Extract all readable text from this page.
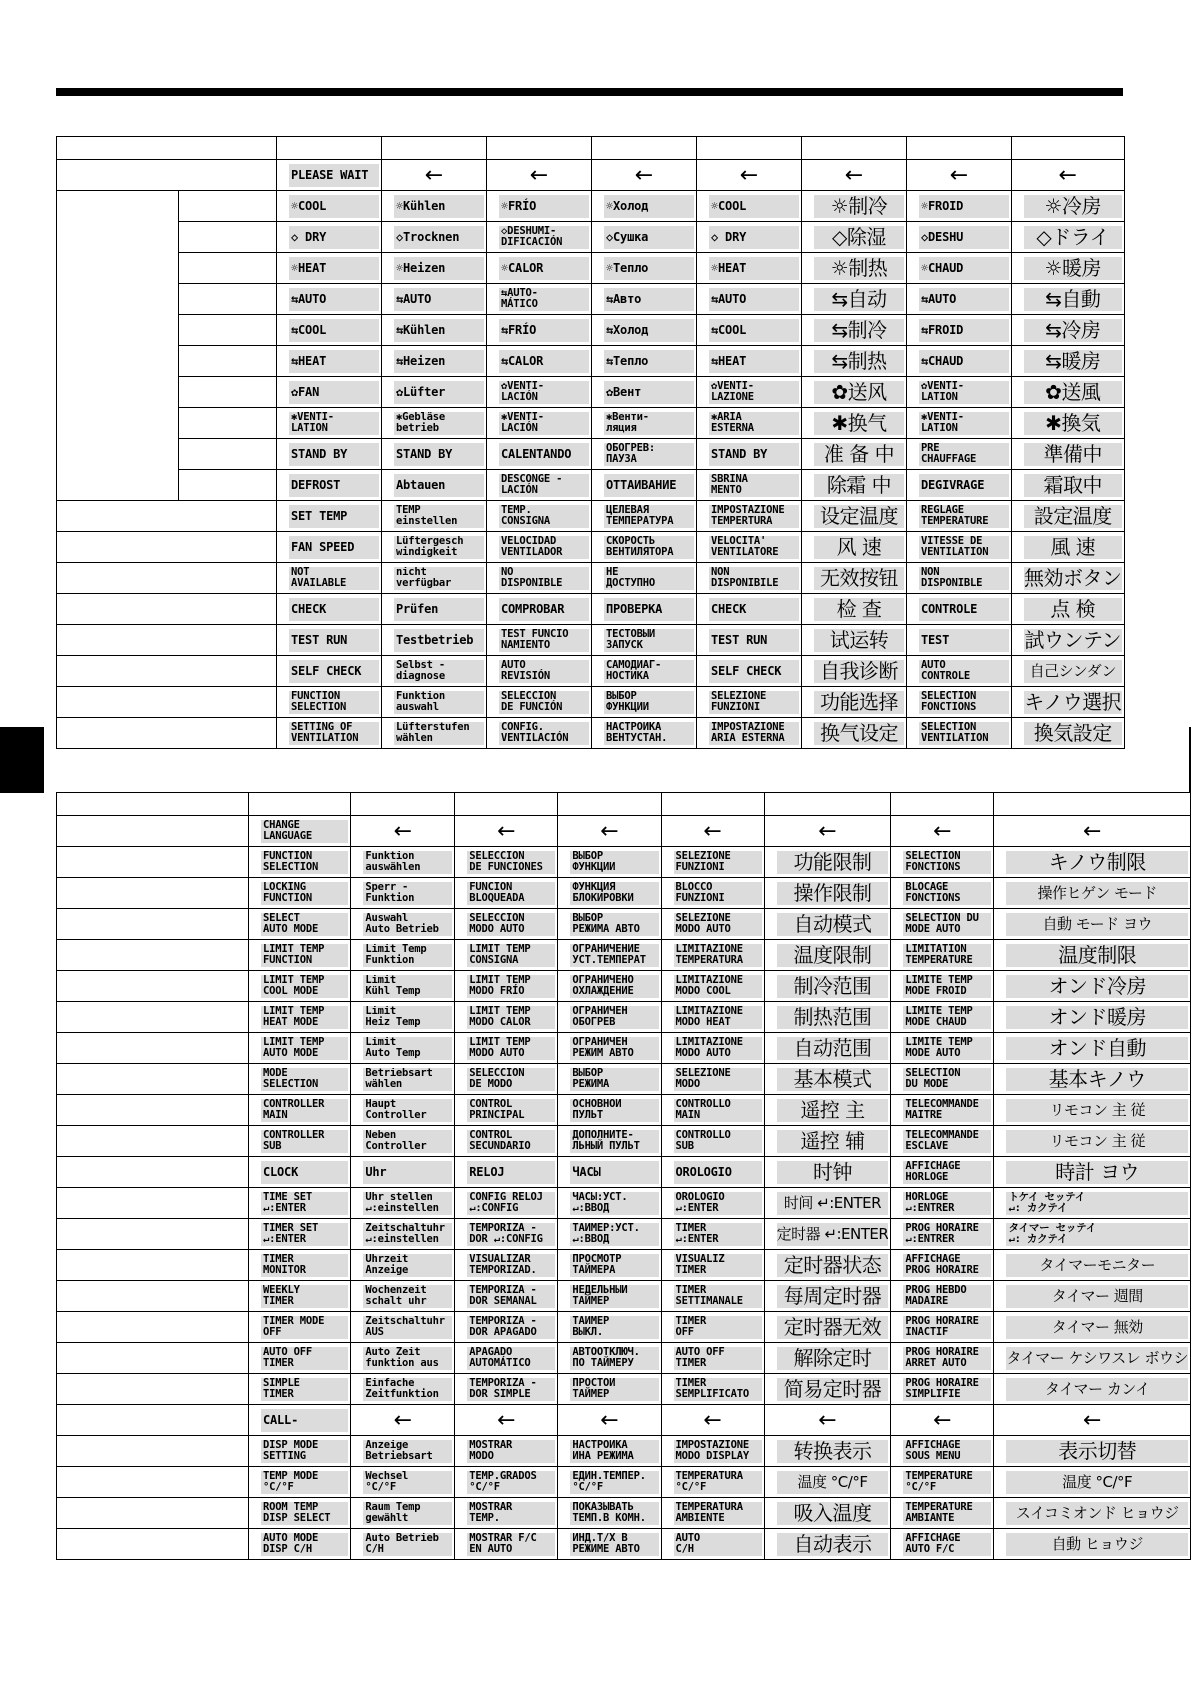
		PLEASE WAIT	←	←	←	←	←	←	←

		☼COOL	☼Kühlen	☼FRÍO	☼Холод	☼COOL	☼制冷	☼FROID	☼冷房

		◇ DRY	◇Trocknen	◇DESHUMI-
DIFICACIÓN	◇Сушка	◇ DRY	◇除湿	◇DESHU	◇ドライ

		☼HEAT	☼Heizen	☼CALOR	☼Тепло	☼HEAT	☼制热	☼CHAUD	☼暖房

		⇆AUTO	⇆AUTO	⇆AUTO-
MÁTICO	⇆Авто	⇆AUTO	⇆自动	⇆AUTO	⇆自動

		⇆COOL	⇆Kühlen	⇆FRÍO	⇆Холод	⇆COOL	⇆制冷	⇆FROID	⇆冷房

		⇆HEAT	⇆Heizen	⇆CALOR	⇆Тепло	⇆HEAT	⇆制热	⇆CHAUD	⇆暖房

		✿FAN	✿Lüfter	✿VENTI-
LACIÓN	✿Вент	✿VENTI-
LAZIONE	✿送风	✿VENTI-
LATION	✿送風

		✱VENTI-
LATION	✱Gebläse
betrieb	✱VENTI-
LACIÓN	✱Венти-
ляция	✱ARIA
ESTERNA	✱换气	✱VENTI-
LATION	✱換気

		STAND BY	STAND BY	CALENTANDO	ОБОГРЕВ:
ПАУЗА	STAND BY	准 备 中	PRE
CHAUFFAGE	準備中

		DEFROST	Abtauen	DESCONGE -
LACIÓN	ОТТАИВАНИЕ	SBRINA
MENTO	除霜 中	DEGIVRAGE	霜取中

		SET TEMP	TEMP
einstellen	TEMP.
CONSIGNA	ЦЕЛЕВАЯ
ТЕМПЕРАТУРА	IMPOSTAZIONE
TEMPERTURA	设定温度	REGLAGE
TEMPERATURE	設定温度

		FAN SPEED	Lüftergesch
windigkeit	VELOCIDAD
VENTILADOR	СКОРОСТЬ
ВЕНТИЛЯТОРА	VELOCITA'
VENTILATORE	风 速	VITESSE DE
VENTILATION	風 速

		NOT
AVAILABLE	nicht
verfügbar	NO
DISPONIBLE	НЕ
ДОСТУПНО	NON
DISPONIBILE	无效按钮	NON
DISPONIBLE	無効ボタン

		CHECK	Prüfen	COMPROBAR	ПРОВЕРКА	CHECK	检 查	CONTROLE	点 検

		TEST RUN	Testbetrieb	TEST FUNCIO
NAMIENTO	ТЕСТОВЫЙ
ЗАПУСК	TEST RUN	试运转	TEST	試ウンテン

		SELF CHECK	Selbst -
diagnose	AUTO
REVISIÓN	САМОДИАГ-
НОСТИКА	SELF CHECK	自我诊断	AUTO
CONTROLE	自己シンダン

		FUNCTION
SELECTION	Funktion
auswahl	SELECCIÓN
DE FUNCIÓN	ВЫБОР
ФУНКЦИИ	SELEZIONE
FUNZIONI	功能选择	SELECTION
FONCTIONS	キノウ選択

		SETTING OF
VENTILATION	Lüfterstufen
wählen	CONFIG.
VENTILACIÓN	НАСТРОЙКА
ВЕНТУСТАН.	IMPOSTAZIONE
ARIA ESTERNA	换气设定	SELECTION
VENTILATION	換気設定

	CHANGE
LANGUAGE	←	←	←	←	←	←	←

	FUNCTION
SELECTION	Funktion
auswählen	SELECCIÓN
DE FUNCIONES	ВЫБОР
ФУНКЦИИ	SELEZIONE
FUNZIONI	功能限制	SELECTION
FONCTIONS	キノウ制限

	LOCKING
FUNCTION	Sperr -
Funktion	FUNCIÓN
BLOQUEADA	ФУНКЦИЯ
БЛОКИРОВКИ	BLOCCO
FUNZIONI	操作限制	BLOCAGE
FONCTIONS	操作ヒゲン モード

	SELECT
AUTO MODE	Auswahl
Auto Betrieb	SELECCIÓN
MODO AUTO	ВЫБОР
РЕЖИМА АВТО	SELEZIONE
MODO AUTO	自动模式	SELECTION DU
MODE AUTO	自動 モード ヨウ

	LIMIT TEMP
FUNCTION	Limit Temp
Funktion	LÍMIT TEMP
CONSIGNA	ОГРАНИЧЕНИЕ
УСТ.ТЕМПЕРАТ	LIMITAZIONE
TEMPERATURA	温度限制	LIMITATION
TEMPERATURE	温度制限

	LIMIT TEMP
COOL MODE	Limit
Kühl Temp	LÍMIT TEMP
MODO FRÍO	ОГРАНИЧЕНО
ОХЛАЖДЕНИЕ	LIMITAZIONE
MODO COOL	制冷范围	LIMITE TEMP
MODE FROID	オンド冷房

	LIMIT TEMP
HEAT MODE	Limit
Heiz Temp	LÍMIT TEMP
MODO CALOR	ОГРАНИЧЕН
ОБОГРЕВ	LIMITAZIONE
MODO HEAT	制热范围	LIMITE TEMP
MODE CHAUD	オンド暖房

	LIMIT TEMP
AUTO MODE	Limit
Auto Temp	LÍMIT TEMP
MODO AUTO	ОГРАНИЧЕН
РЕЖИМ АВТО	LIMITAZIONE
MODO AUTO	自动范围	LIMITE TEMP
MODE AUTO	オンド自動

	MODE
SELECTION	Betriebsart
wählen	SELECCIÓN
DE MODO	ВЫБОР
РЕЖИМА	SELEZIONE
MODO	基本模式	SELECTION
DU MODE	基本キノウ

	CONTROLLER
MAIN	Haupt
Controller	CONTROL
PRINCIPAL	ОСНОВНОЙ
ПУЛЬТ	CONTROLLO
MAIN	遥控 主	TELECOMMANDE
MAITRE	リモコン 主 従

	CONTROLLER
SUB	Neben
Controller	CONTROL
SECUNDARIO	ДОПОЛНИТЕ-
ЛЬНЫЙ ПУЛЬТ	CONTROLLO
SUB	遥控 辅	TELECOMMANDE
ESCLAVE	リモコン 主 従

	CLOCK	Uhr	RELOJ	ЧАСЫ	OROLOGIO	时钟	AFFICHAGE
HORLOGE	時計 ヨウ

	TIME SET
↵:ENTER	Uhr stellen
↵:einstellen	CONFIG RELOJ
↵:CONFIG	ЧАСЫ:УСТ.
↵:ВВОД	OROLOGIO
↵:ENTER	时间 ↵:ENTER	HORLOGE
↵:ENTRER	トケイ セッテイ
↵: カクテイ

	TIMER SET
↵:ENTER	Zeitschaltuhr
↵:einstellen	TEMPORIZA -
DOR ↵:CONFIG	ТАЙМЕР:УСТ.
↵:ВВОД	TIMER
↵:ENTER	定时器 ↵:ENTER	PROG HORAIRE
↵:ENTRER	タイマー セッテイ
↵: カクテイ

	TIMER
MONITOR	Uhrzeit
Anzeige	VISUALIZAR
TEMPORIZAD.	ПРОСМОТР
ТАЙМЕРА	VISUALIZ
TIMER	定时器状态	AFFICHAGE
PROG HORAIRE	タイマーモニター

	WEEKLY
TIMER	Wochenzeit
schalt uhr	TEMPORIZA -
DOR SEMANAL	НЕДЕЛЬНЫЙ
ТАЙМЕР	TIMER
SETTIMANALE	每周定时器	PROG HEBDO
MADAIRE	タイマー 週間

	TIMER MODE
OFF	Zeitschaltuhr
AUS	TEMPORIZA -
DOR APAGADO	ТАЙМЕР
ВЫКЛ.	TIMER
OFF	定时器无效	PROG HORAIRE
INACTIF	タイマー 無効

	AUTO OFF
TIMER	Auto Zeit
funktion aus	APAGADO
AUTOMÁTICO	АВТООТКЛЮЧ.
ПО ТАЙМЕРУ	AUTO OFF
TIMER	解除定时	PROG HORAIRE
ARRET AUTO	タイマー ケシワスレ ボウシ

	SIMPLE
TIMER	Einfache
Zeitfunktion	TEMPORIZA -
DOR SIMPLE	ПРОСТОЙ
ТАЙМЕР	TIMER
SEMPLIFICATO	简易定时器	PROG HORAIRE
SIMPLIFIE	タイマー カンイ

	CALL-	←	←	←	←	←	←	←

	DISP MODE
SETTING	Anzeige
Betriebsart	MOSTRAR
MODO	НАСТРОЙКА
ИНА РЕЖИМА	IMPOSTAZIONE
MODO DISPLAY	转换表示	AFFICHAGE
SOUS MENU	表示切替

	TEMP MODE
°C/°F	Wechsel
°C/°F	TEMP.GRADOS
°C/°F	ЕДИН.ТЕМПЕР.
°C/°F	TEMPERATURA
°C/°F	温度 °C/°F	TEMPERATURE
°C/°F	温度 °C/°F

	ROOM TEMP
DISP SELECT	Raum Temp
gewählt	MOSTRAR
TEMP.	ПОКАЗЫВАТЬ
ТЕМП.В КОМН.	TEMPERATURA
AMBIENTE	吸入温度	TEMPERATURE
AMBIANTE	スイコミオンド ヒョウジ

	AUTO MODE
DISP C/H	Auto Betrieb
C/H	MOSTRAR F/C
EN AUTO	ИНД.Т/Х В
РЕЖИМЕ АВТО	AUTO
C/H	自动表示	AFFICHAGE
AUTO F/C	自動 ヒョウジ
